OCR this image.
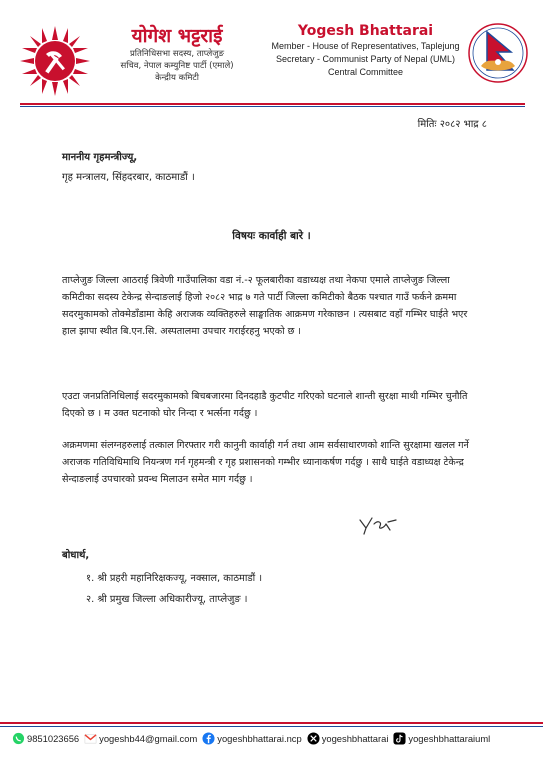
योगेश भट्टराई
प्रतिनिधिसभा सदस्य, ताप्लेजुङ
सचिव, नेपाल कम्युनिष्ट पार्टी (एमाले)
केन्द्रीय कमिटी
Yogesh Bhattarai
Member - House of Representatives, Taplejung
Secretary - Communist Party of Nepal (UML)
Central Committee
मितिः २०८२ भाद्र ८
माननीय गृहमन्त्रीज्यू,
गृह मन्त्रालय, सिंहदरबार, काठमाडौं ।
विषयः कार्वाही बारे ।

ताप्लेजुङ जिल्ला आठराई त्रिवेणी गाउँपालिका वडा नं.-२ फूलबारीका वडाध्यक्ष तथा नेकपा एमाले ताप्लेजुङ जिल्ला कमिटीका सदस्य टेकेन्द्र सेन्दाङलाई हिजो २०८२ भाद्र ७ गते पार्टी जिल्ला कमिटीको बैठक पश्चात गाउँ फर्कने क्रममा सदरमुकामको तोक्मेडाँडामा केहि अराजक व्यक्तिहरुले साङ्घातिक आक्रमण गरेकाछन । त्यसबाट वहाँ गम्भिर घाईते भएर हाल झापा स्थीत बि.एन.सि. अस्पतालमा उपचार गराईरहनु भएको छ ।

एउटा जनप्रतिनिधिलाई सदरमुकामको बिचबजारमा दिनदहाडै कुटपीट गरिएको घटनाले शान्ती सुरक्षा माथी गम्भिर चुनौति दिएको छ । म उक्त घटनाको घोर निन्दा र भर्त्सना गर्दछु ।

अक्रमणमा संलग्नहरुलाई तत्काल गिरफ्तार गरी कानुनी कार्वाही गर्न तथा आम सर्वसाधारणको शान्ति सुरक्षामा खलल गर्ने अराजक गतिविधिमाथि नियन्त्रण गर्न गृहमन्त्री र गृह प्रशासनको गम्भीर ध्यानाकर्षण गर्दछु । साथै घाईते वडाध्यक्ष टेकेन्द्र सेन्दाङलाई उपचारको प्रवन्ध मिलाउन समेत माग गर्दछु ।

बोधार्थ,
१. श्री प्रहरी महानिरिक्षकज्यू, नक्साल, काठमाडौं ।
२. श्री प्रमुख जिल्ला अधिकारीज्यू, ताप्लेजुङ ।
9851023656 yogeshb44@gmail.com yogeshbhattarai.ncp yogeshbhattarai yogeshbhattaraiuml
